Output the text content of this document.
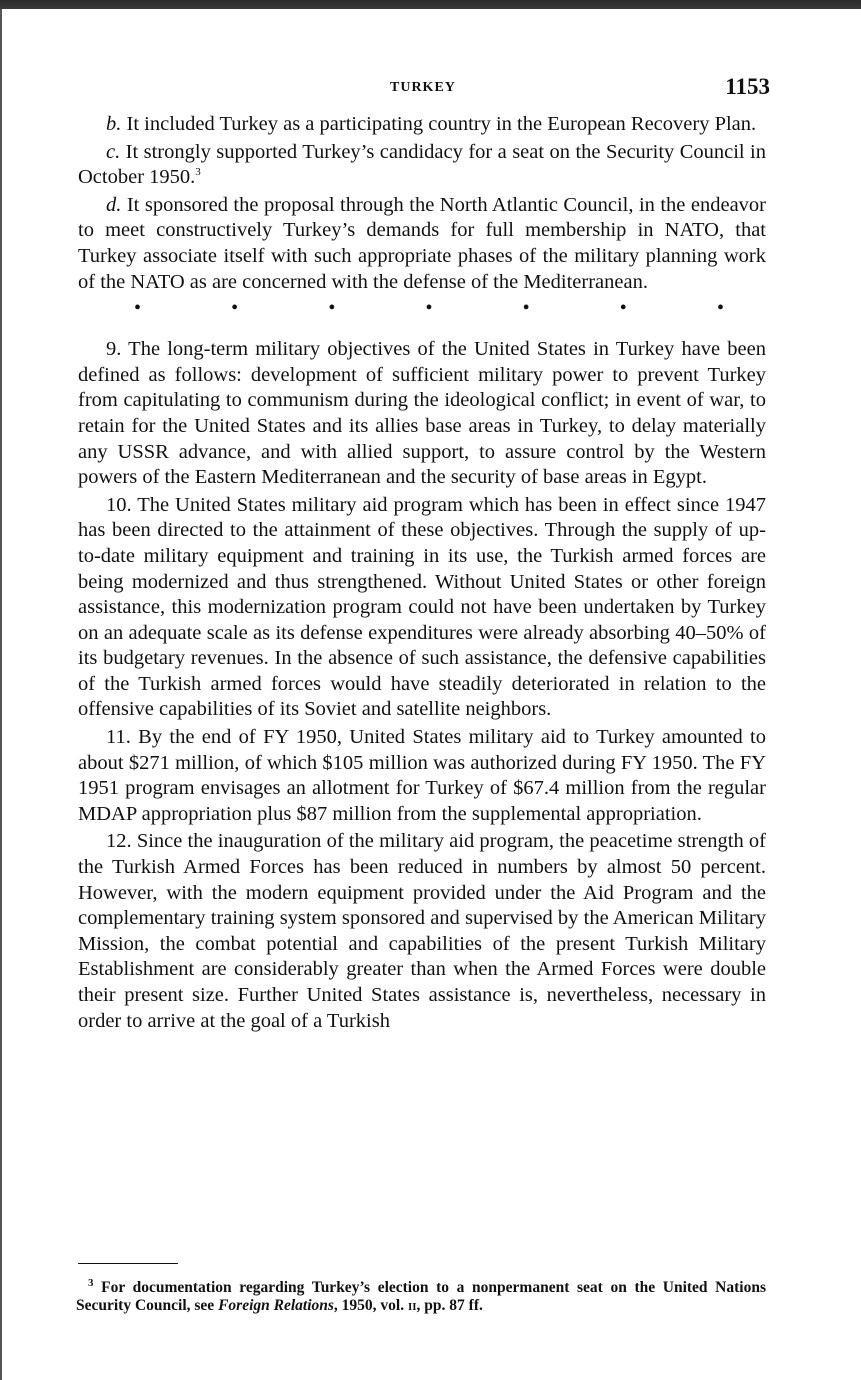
TURKEY	1153

b. It included Turkey as a participating country in the European Recovery Plan.

c. It strongly supported Turkey’s candidacy for a seat on the Security Council in October 1950.$^3$

d. It sponsored the proposal through the North Atlantic Council, in the endeavor to meet constructively Turkey’s demands for full membership in NATO, that Turkey associate itself with such appropriate phases of the military planning work of the NATO as are concerned with the defense of the Mediterranean.

•	•	•	•	•	•	•

9. The long-term military objectives of the United States in Turkey have been defined as follows: development of sufficient military power to prevent Turkey from capitulating to communism during the ideological conflict; in event of war, to retain for the United States and its allies base areas in Turkey, to delay materially any USSR advance, and with allied support, to assure control by the Western powers of the Eastern Mediterranean and the security of base areas in Egypt.

10. The United States military aid program which has been in effect since 1947 has been directed to the attainment of these objectives. Through the supply of up-to-date military equipment and training in its use, the Turkish armed forces are being modernized and thus strengthened. Without United States or other foreign assistance, this modernization program could not have been undertaken by Turkey on an adequate scale as its defense expenditures were already absorbing 40–50% of its budgetary revenues. In the absence of such assistance, the defensive capabilities of the Turkish armed forces would have steadily deteriorated in relation to the offensive capabilities of its Soviet and satellite neighbors.

11. By the end of FY 1950, United States military aid to Turkey amounted to about $271 million, of which $105 million was authorized during FY 1950. The FY 1951 program envisages an allotment for Turkey of $67.4 million from the regular MDAP appropriation plus $87 million from the supplemental appropriation.

12. Since the inauguration of the military aid program, the peacetime strength of the Turkish Armed Forces has been reduced in numbers by almost 50 percent. However, with the modern equipment provided under the Aid Program and the complementary training system sponsored and supervised by the American Military Mission, the combat potential and capabilities of the present Turkish Military Establishment are considerably greater than when the Armed Forces were double their present size. Further United States assistance is, nevertheless, necessary in order to arrive at the goal of a Turkish

$^3$ For documentation regarding Turkey’s election to a nonpermanent seat on the United Nations Security Council, see Foreign Relations, 1950, vol. ii, pp. 87 ff.
